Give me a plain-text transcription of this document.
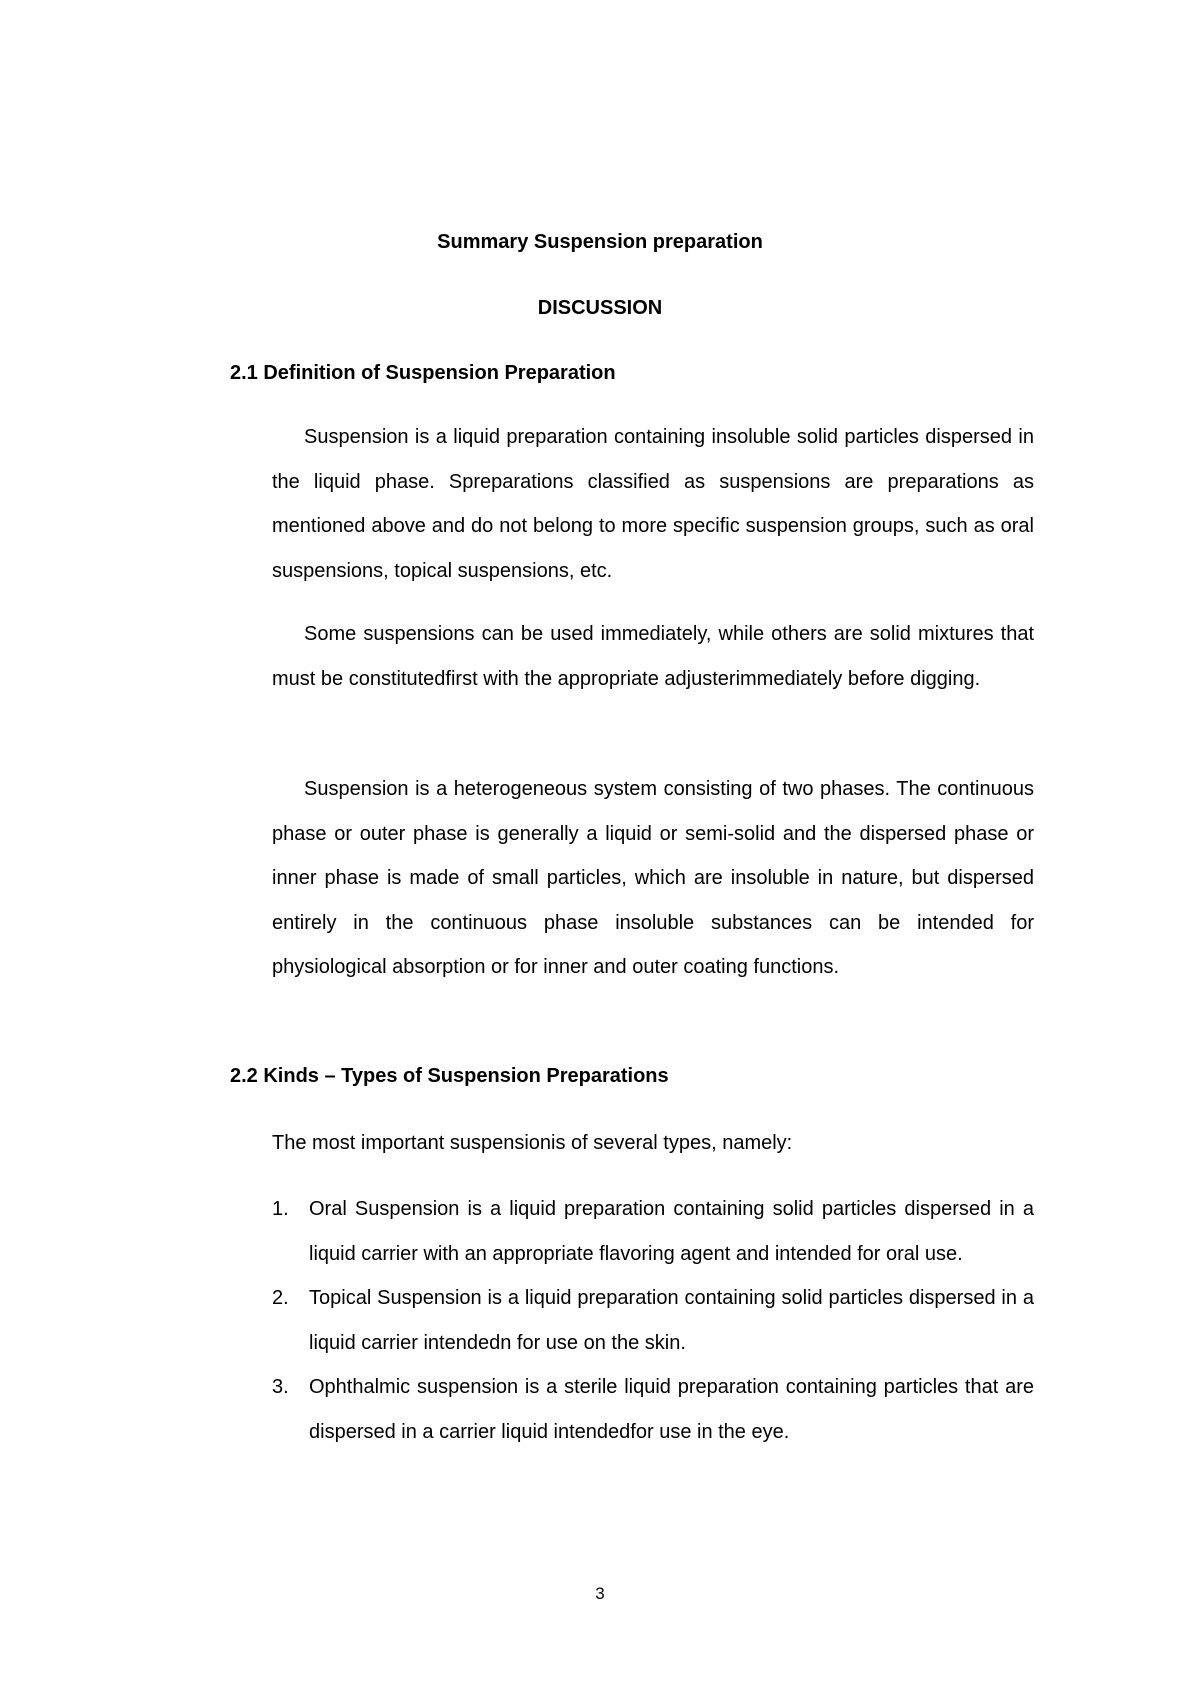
Summary Suspension preparation
DISCUSSION
2.1 Definition of Suspension Preparation

Suspension is a liquid preparation containing insoluble solid particles dispersed in the liquid phase. Spreparations classified as suspensions are preparations as mentioned above and do not belong to more specific suspension groups, such as oral suspensions, topical suspensions, etc.

Some suspensions can be used immediately, while others are solid mixtures that must be constitutedfirst with the appropriate adjusterimmediately before digging.

Suspension is a heterogeneous system consisting of two phases. The continuous phase or outer phase is generally a liquid or semi-solid and the dispersed phase or inner phase is made of small particles, which are insoluble in nature, but dispersed entirely in the continuous phase insoluble substances can be intended for physiological absorption or for inner and outer coating functions.

2.2 Kinds – Types of Suspension Preparations

The most important suspensionis of several types, namely:

1. Oral Suspension is a liquid preparation containing solid particles dispersed in a liquid carrier with an appropriate flavoring agent and intended for oral use.
2. Topical Suspension is a liquid preparation containing solid particles dispersed in a liquid carrier intendedn for use on the skin.
3. Ophthalmic suspension is a sterile liquid preparation containing particles that are dispersed in a carrier liquid intendedfor use in the eye.
3
